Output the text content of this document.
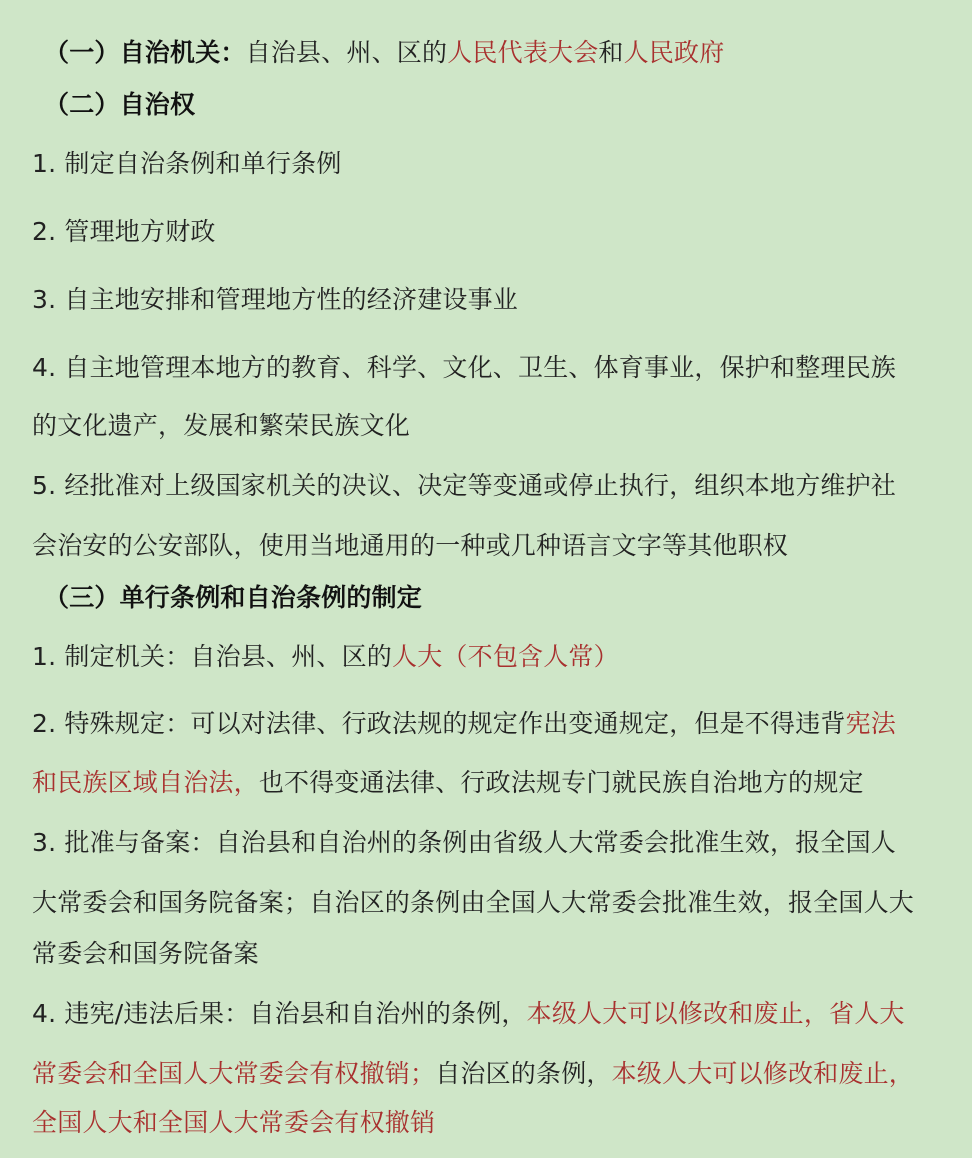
（一）自治机关：自治县、州、区的人民代表大会和人民政府
（二）自治权
1. 制定自治条例和单行条例
2. 管理地方财政
3. 自主地安排和管理地方性的经济建设事业
4. 自主地管理本地方的教育、科学、文化、卫生、体育事业，保护和整理民族
的文化遗产，发展和繁荣民族文化
5. 经批准对上级国家机关的决议、决定等变通或停止执行，组织本地方维护社
会治安的公安部队，使用当地通用的一种或几种语言文字等其他职权
（三）单行条例和自治条例的制定
1. 制定机关：自治县、州、区的人大（不包含人常）
2. 特殊规定：可以对法律、行政法规的规定作出变通规定，但是不得违背宪法
和民族区域自治法，也不得变通法律、行政法规专门就民族自治地方的规定
3. 批准与备案：自治县和自治州的条例由省级人大常委会批准生效，报全国人
大常委会和国务院备案；自治区的条例由全国人大常委会批准生效，报全国人大
常委会和国务院备案
4. 违宪/违法后果：自治县和自治州的条例，本级人大可以修改和废止，省人大
常委会和全国人大常委会有权撤销；自治区的条例，本级人大可以修改和废止，
全国人大和全国人大常委会有权撤销
